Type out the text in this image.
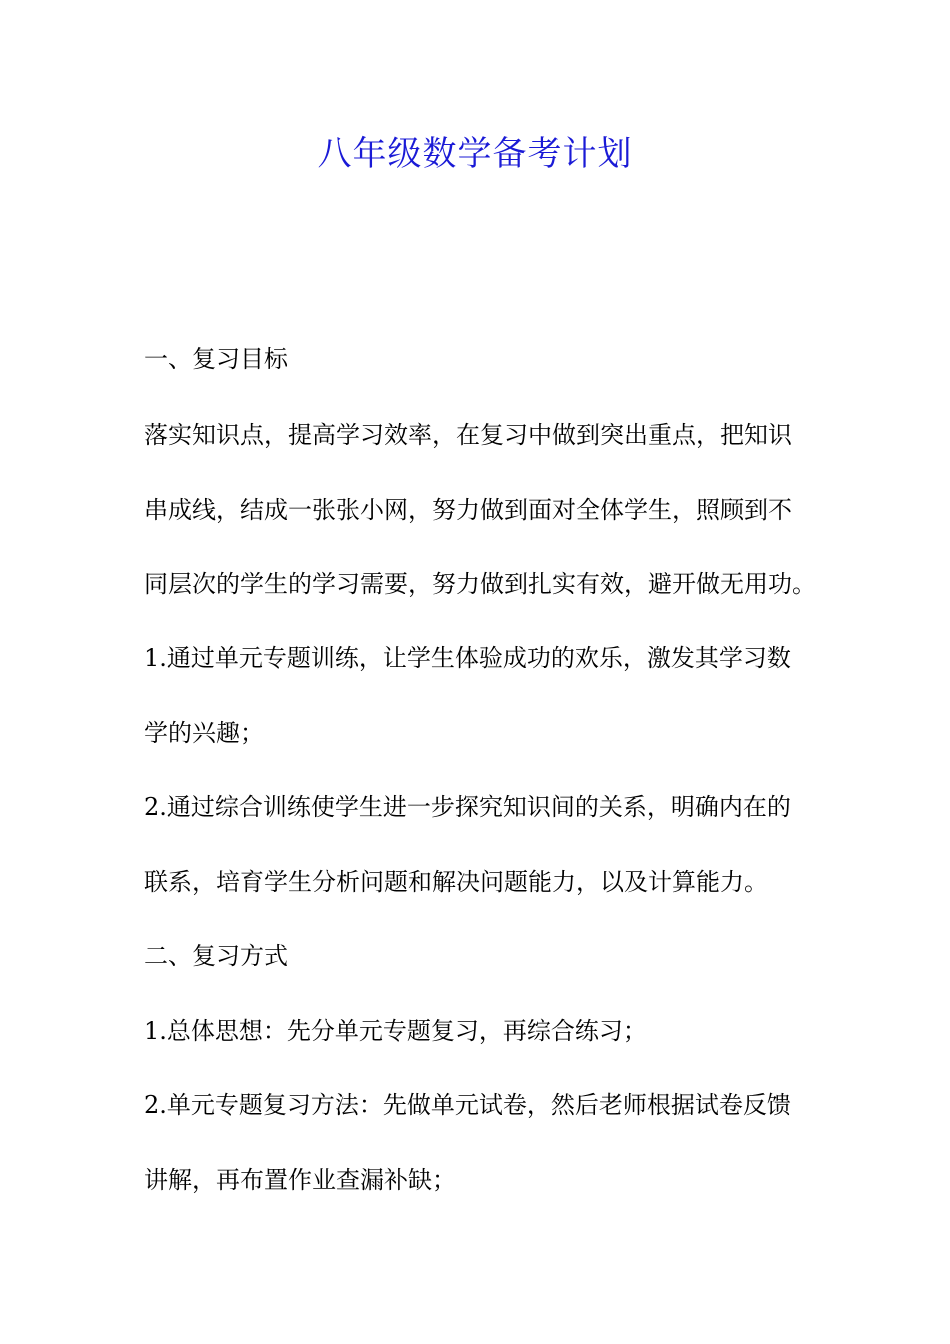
八年级数学备考计划

一、复习目标

落实知识点，提高学习效率，在复习中做到突出重点，把知识

串成线，结成一张张小网，努力做到面对全体学生，照顾到不

同层次的学生的学习需要，努力做到扎实有效，避开做无用功。

1.通过单元专题训练，让学生体验成功的欢乐，激发其学习数

学的兴趣；

2.通过综合训练使学生进一步探究知识间的关系，明确内在的

联系，培育学生分析问题和解决问题能力，以及计算能力。

二、复习方式

1.总体思想：先分单元专题复习，再综合练习；

2.单元专题复习方法：先做单元试卷，然后老师根据试卷反馈

讲解，再布置作业查漏补缺；
